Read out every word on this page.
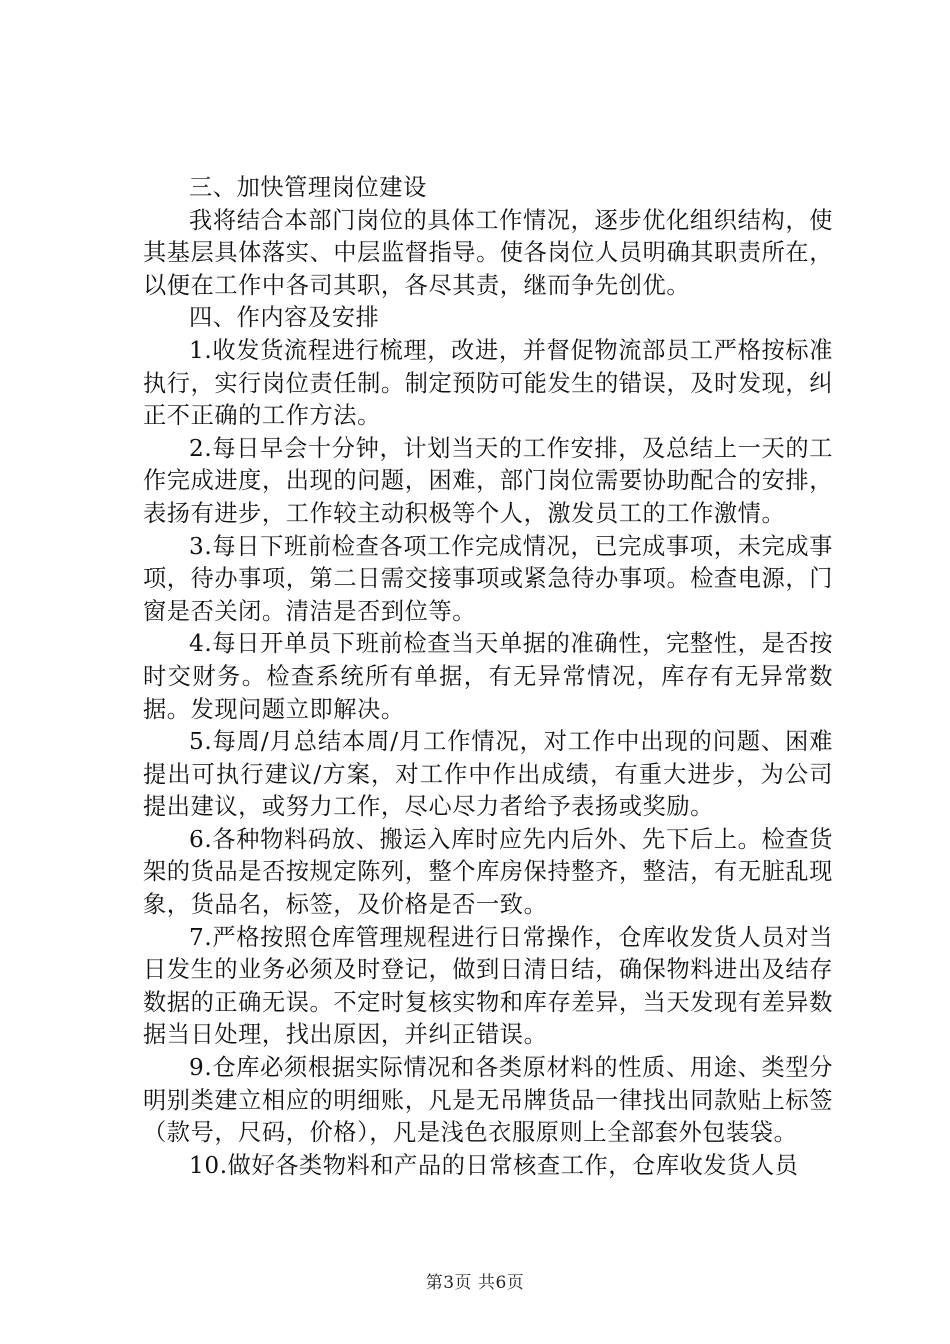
三、加快管理岗位建设

我将结合本部门岗位的具体工作情况，逐步优化组织结构，使其基层具体落实、中层监督指导。使各岗位人员明确其职责所在，以便在工作中各司其职，各尽其责，继而争先创优。

四、作内容及安排

1.收发货流程进行梳理，改进，并督促物流部员工严格按标准执行，实行岗位责任制。制定预防可能发生的错误，及时发现，纠正不正确的工作方法。

2.每日早会十分钟，计划当天的工作安排，及总结上一天的工作完成进度，出现的问题，困难，部门岗位需要协助配合的安排，表扬有进步，工作较主动积极等个人，激发员工的工作激情。

3.每日下班前检查各项工作完成情况，已完成事项，未完成事项，待办事项，第二日需交接事项或紧急待办事项。检查电源，门窗是否关闭。清洁是否到位等。

4.每日开单员下班前检查当天单据的准确性，完整性，是否按时交财务。检查系统所有单据，有无异常情况，库存有无异常数据。发现问题立即解决。

5.每周/月总结本周/月工作情况，对工作中出现的问题、困难提出可执行建议/方案，对工作中作出成绩，有重大进步，为公司提出建议，或努力工作，尽心尽力者给予表扬或奖励。

6.各种物料码放、搬运入库时应先内后外、先下后上。检查货架的货品是否按规定陈列，整个库房保持整齐，整洁，有无脏乱现象，货品名，标签，及价格是否一致。

7.严格按照仓库管理规程进行日常操作，仓库收发货人员对当日发生的业务必须及时登记，做到日清日结，确保物料进出及结存数据的正确无误。不定时复核实物和库存差异，当天发现有差异数据当日处理，找出原因，并纠正错误。

9.仓库必须根据实际情况和各类原材料的性质、用途、类型分明别类建立相应的明细账，凡是无吊牌货品一律找出同款贴上标签（款号，尺码，价格），凡是浅色衣服原则上全部套外包装袋。

10.做好各类物料和产品的日常核查工作，仓库收发货人员

第3页 共6页
